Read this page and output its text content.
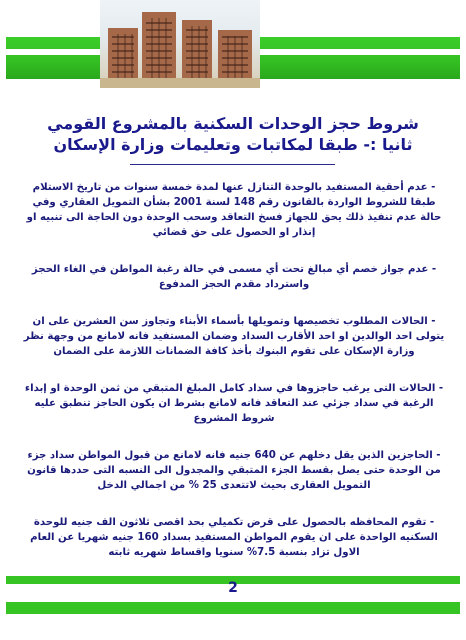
شروط حجز الوحدات السكنية بالمشروع القومي
ثانيا :- طبقا لمكاتبات وتعليمات وزارة الإسكان

- عدم أحقية المستفيد بالوحدة التنازل عنها لمدة خمسة سنوات من تاريخ الاستلام طبقا للشروط الواردة بالقانون رقم 148 لسنة 2001 بشأن التمويل العقاري وفي حالة عدم تنفيذ ذلك يحق للجهاز فسخ التعاقد وسحب الوحدة دون الحاجة الى تنبيه او إنذار او الحصول على حق قضائي

- عدم جواز خصم أي مبالغ تحت أي مسمى في حالة رغبة المواطن في الغاء الحجز واسترداد مقدم الحجز المدفوع

- الحالات المطلوب تخصيصها وتمويلها بأسماء الأبناء وتجاوز سن العشرين على ان يتولى احد الوالدين او احد الأقارب السداد وضمان المستفيد فانه لامانع من وجهة نظر وزارة الإسكان على تقوم البنوك بأخذ كافة الضمانات اللازمة على الضمان

- الحالات التى يرغب حاجزوها في سداد كامل المبلغ المتبقي من ثمن الوحدة او إبداء الرغبة في سداد جزئي عند التعاقد فانه لامانع بشرط ان يكون الحاجز تنطبق عليه شروط المشروع

- الحاجزين الذين يقل دخلهم عن 640 جنيه فانه لامانع من قبول المواطن سداد جزء من الوحدة حتى يصل بقسط الجزء المتبقي والمجدول الى النسبه التى حددها قانون التمويل العقارى بحيث لاتتعدى 25 % من اجمالي الدخل

- تقوم المحافظه بالحصول على قرض تكميلي بحد اقصى ثلاثون الف جنيه للوحدة السكنيه الواحدة على ان يقوم المواطن المستفيد بسداد 160 جنيه شهريا عن العام الاول تزاد بنسبة 7.5% سنويا واقساط شهريه ثابته

2
